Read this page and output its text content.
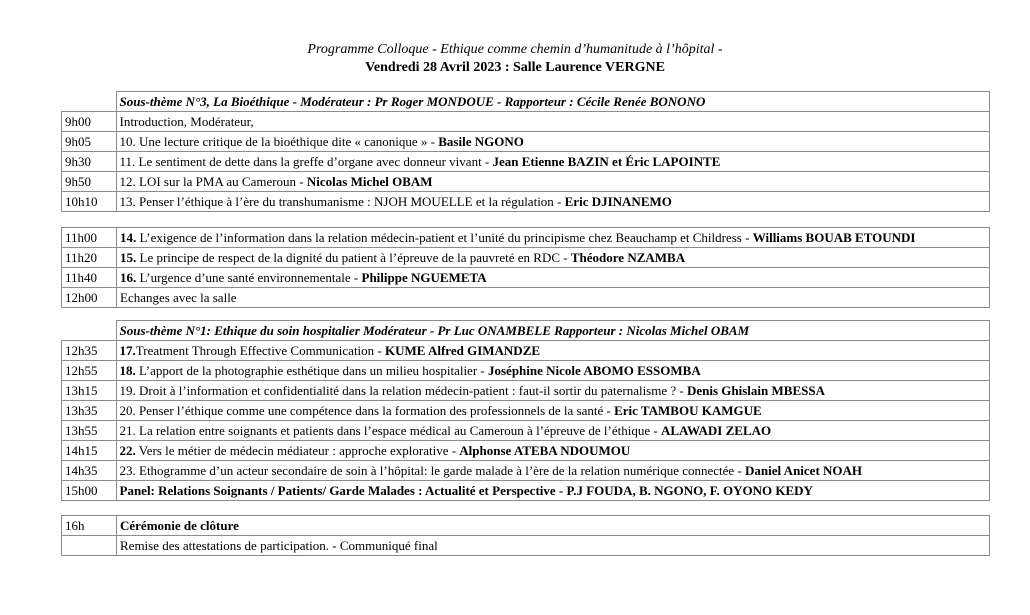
Programme Colloque - Ethique comme chemin d’humanitude à l’hôpital -
Vendredi 28 Avril 2023 : Salle Laurence VERGNE
	Sous-thème N°3, La Bioéthique - Modérateur : Pr Roger MONDOUE - Rapporteur : Cécile Renée BONONO
9h00	Introduction, Modérateur,
9h05	10. Une lecture critique de la bioéthique dite « canonique » - Basile NGONO
9h30	11. Le sentiment de dette dans la greffe d’organe avec donneur vivant - Jean Etienne BAZIN et Éric LAPOINTE
9h50	12. LOI sur la PMA au Cameroun - Nicolas Michel OBAM
10h10	13. Penser l’éthique à l’ère du transhumanisme : NJOH MOUELLE et la régulation - Eric DJINANEMO
11h00	14. L’exigence de l’information dans la relation médecin-patient et l’unité du principisme chez Beauchamp et Childress - Williams BOUAB ETOUNDI
11h20	15. Le principe de respect de la dignité du patient à l’épreuve de la pauvreté en RDC - Théodore NZAMBA
11h40	16. L’urgence d’une santé environnementale - Philippe NGUEMETA
12h00	Echanges avec la salle
	Sous-thème N°1: Ethique du soin hospitalier Modérateur - Pr Luc ONAMBELE Rapporteur : Nicolas Michel OBAM
12h35	17.Treatment Through Effective Communication - KUME Alfred GIMANDZE
12h55	18. L’apport de la photographie esthétique dans un milieu hospitalier - Joséphine Nicole ABOMO ESSOMBA
13h15	19. Droit à l’information et confidentialité dans la relation médecin-patient : faut-il sortir du paternalisme ? - Denis Ghislain MBESSA
13h35	20. Penser l’éthique comme une compétence dans la formation des professionnels de la santé - Eric TAMBOU KAMGUE
13h55	21. La relation entre soignants et patients dans l’espace médical au Cameroun à l’épreuve de l’éthique - ALAWADI ZELAO
14h15	22. Vers le métier de médecin médiateur : approche explorative - Alphonse ATEBA NDOUMOU
14h35	23. Ethogramme d’un acteur secondaire de soin à l’hôpital: le garde malade à l’ère de la relation numérique connectée - Daniel Anicet NOAH
15h00	Panel: Relations Soignants / Patients/ Garde Malades : Actualité et Perspective - P.J FOUDA, B. NGONO, F. OYONO KEDY
16h	Cérémonie de clôture
	Remise des attestations de participation. - Communiqué final
